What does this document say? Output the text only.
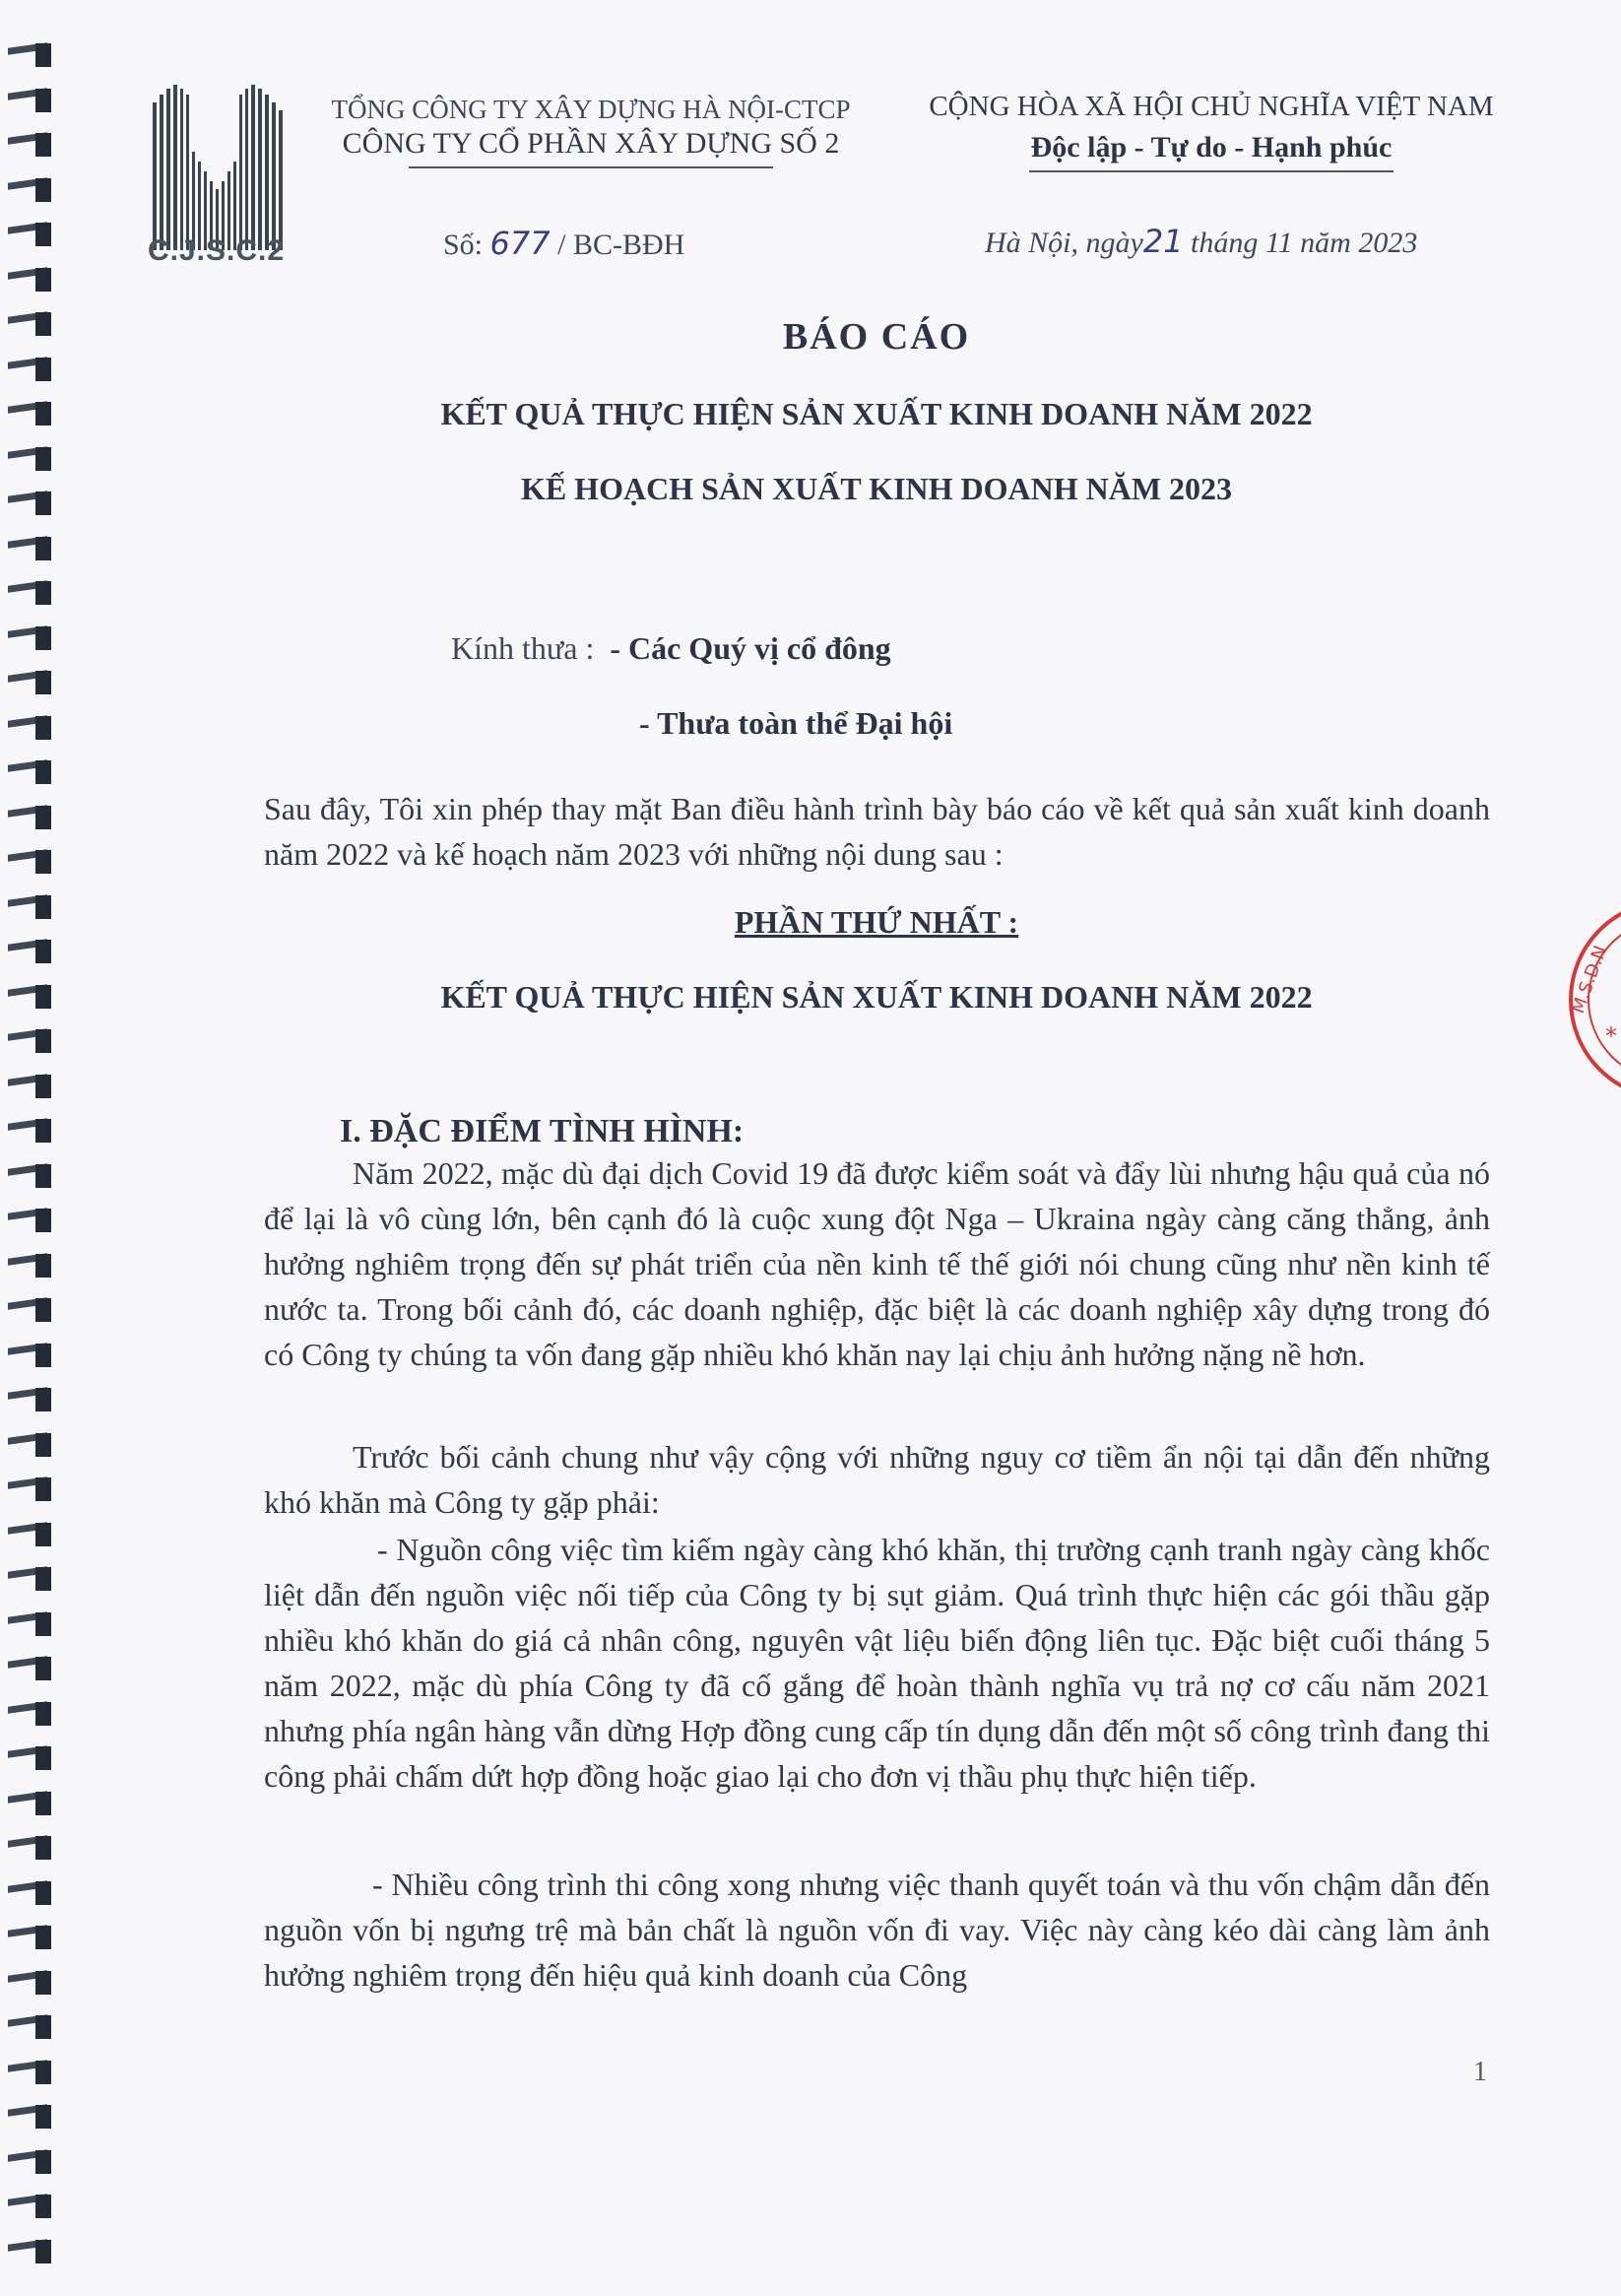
C.J.S.C.2
TỔNG CÔNG TY XÂY DỰNG HÀ NỘI-CTCP
CÔNG TY CỔ PHẦN XÂY DỰNG SỐ 2
CỘNG HÒA XÃ HỘI CHỦ NGHĨA VIỆT NAM
Độc lập - Tự do - Hạnh phúc
Số: 677 / BC-BĐH	Hà Nội, ngày21 tháng 11 năm 2023
BÁO CÁO
KẾT QUẢ THỰC HIỆN SẢN XUẤT KINH DOANH NĂM 2022
KẾ HOẠCH SẢN XUẤT KINH DOANH NĂM 2023
Kính thưa : - Các Quý vị cổ đông
- Thưa toàn thể Đại hội
Sau đây, Tôi xin phép thay mặt Ban điều hành trình bày báo cáo về kết quả sản xuất kinh doanh năm 2022 và kế hoạch năm 2023 với những nội dung sau :
PHẦN THỨ NHẤT :
KẾT QUẢ THỰC HIỆN SẢN XUẤT KINH DOANH NĂM 2022
I. ĐẶC ĐIỂM TÌNH HÌNH:
Năm 2022, mặc dù đại dịch Covid 19 đã được kiểm soát và đẩy lùi nhưng hậu quả của nó để lại là vô cùng lớn, bên cạnh đó là cuộc xung đột Nga – Ukraina ngày càng căng thẳng, ảnh hưởng nghiêm trọng đến sự phát triển của nền kinh tế thế giới nói chung cũng như nền kinh tế nước ta. Trong bối cảnh đó, các doanh nghiệp, đặc biệt là các doanh nghiệp xây dựng trong đó có Công ty chúng ta vốn đang gặp nhiều khó khăn nay lại chịu ảnh hưởng nặng nề hơn.
Trước bối cảnh chung như vậy cộng với những nguy cơ tiềm ẩn nội tại dẫn đến những khó khăn mà Công ty gặp phải:
- Nguồn công việc tìm kiếm ngày càng khó khăn, thị trường cạnh tranh ngày càng khốc liệt dẫn đến nguồn việc nối tiếp của Công ty bị sụt giảm. Quá trình thực hiện các gói thầu gặp nhiều khó khăn do giá cả nhân công, nguyên vật liệu biến động liên tục. Đặc biệt cuối tháng 5 năm 2022, mặc dù phía Công ty đã cố gắng để hoàn thành nghĩa vụ trả nợ cơ cấu năm 2021 nhưng phía ngân hàng vẫn dừng Hợp đồng cung cấp tín dụng dẫn đến một số công trình đang thi công phải chấm dứt hợp đồng hoặc giao lại cho đơn vị thầu phụ thực hiện tiếp.
- Nhiều công trình thi công xong nhưng việc thanh quyết toán và thu vốn chậm dẫn đến nguồn vốn bị ngưng trệ mà bản chất là nguồn vốn đi vay. Việc này càng kéo dài càng làm ảnh hưởng nghiêm trọng đến hiệu quả kinh doanh của Công
1
M.S.D.N
*
